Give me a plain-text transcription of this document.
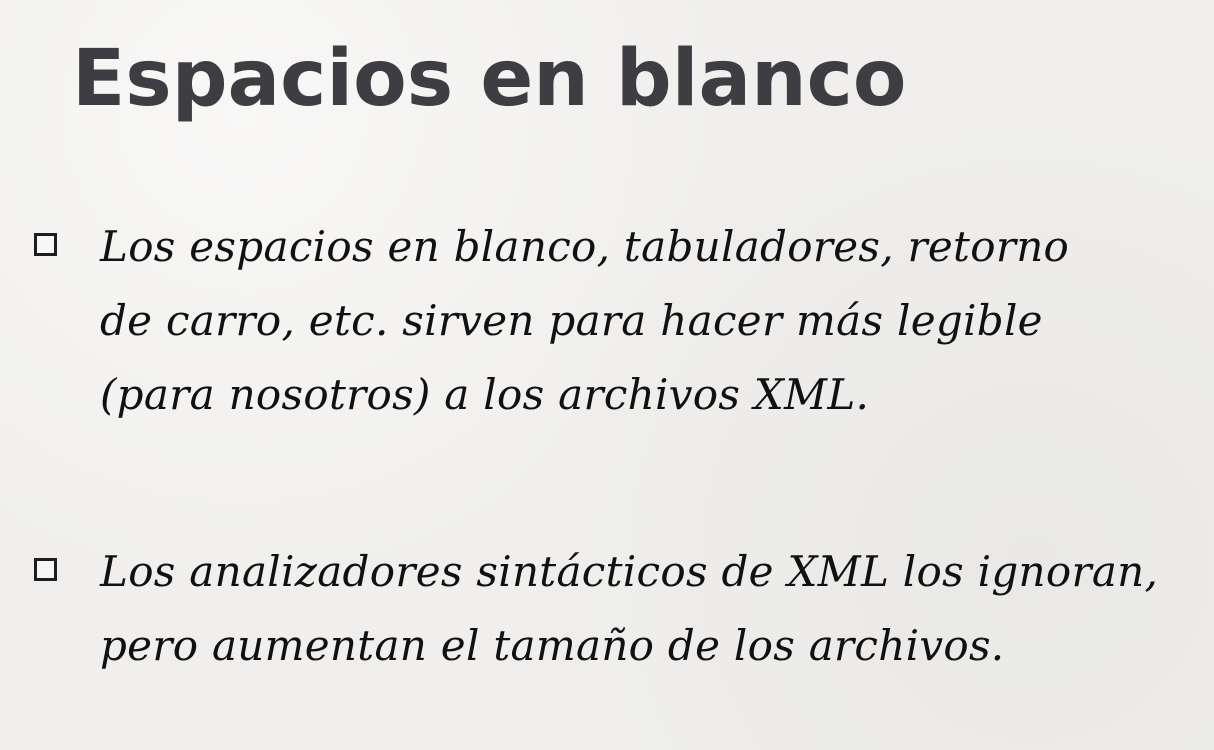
Espacios en blanco

Los espacios en blanco, tabuladores, retorno de carro, etc. sirven para hacer más legible (para nosotros) a los archivos XML.

Los analizadores sintácticos de XML los ignoran, pero aumentan el tamaño de los archivos.
